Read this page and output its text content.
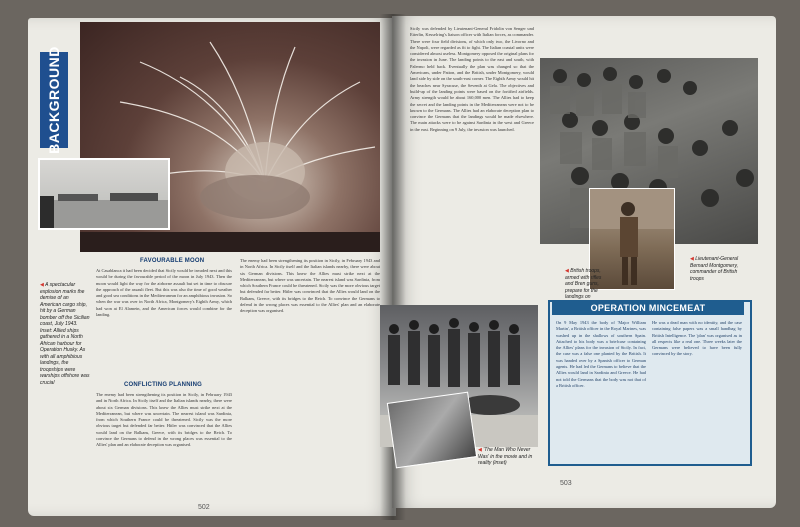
BACKGROUND
◀ A spectacular explosion marks the demise of an American cargo ship, hit by a German bomber off the Sicilian coast, July 1943. Inset: Allied ships gathered in a North African harbour for Operation Husky. As with all amphibious landings, the troopships were warships offshore was crucial
FAVOURABLE MOON
At Casablanca it had been decided that Sicily would be invaded next and this would be during the favourable period of the moon in July 1943. Then the moon would light the way for the airborne assault but set in time to obscure the approach of the assault fleet. But this was also the time of good weather and good sea conditions in the Mediterranean for an amphibious invasion. So when the war was over in North Africa, Montgomery's Eighth Army, which had won at El Alamein, and the American forces would combine for the landing.
CONFLICTING PLANNING
The enemy had been strengthening its position in Sicily, in February 1943 and in North Africa. In Sicily itself and the Italian islands nearby, there were about six German divisions. This knew the Allies must strike next at the Mediterranean, but where was uncertain. The nearest island was Sardinia, from which Southern France could be threatened. Sicily was the more obvious target but defended far better. Hitler was convinced that the Allies would land on the Balkans, Greece, with its bridges to the Reich. To convince the Germans to defend in the wrong places was essential to the Allies' plan and an elaborate deception was organised.
The enemy had been strengthening its position in Sicily, in February 1943 and in North Africa. In Sicily itself and the Italian islands nearby, there were about six German divisions. This knew the Allies must strike next at the Mediterranean, but where was uncertain. The nearest island was Sardinia, from which Southern France could be threatened. Sicily was the more obvious target but defended far better. Hitler was convinced that the Allies would land on the Balkans, Greece, with its bridges to the Reich. To convince the Germans to defend in the wrong places was essential to the Allies' plan and an elaborate deception was organised.
502
Sicily was defended by Lieutenant-General Fridolin von Senger und Etterlin, Kesselring's liaison officer with Italian forces, as commander. There were four field divisions, of which only two, the Livorno and the Napoli, were regarded as fit to fight. The Italian coastal units were considered almost useless. Montgomery opposed the original plans for the invasion in June. The landing points to the east and south, with Palermo held back. Eventually the plan was changed so that the Americans, under Patton, and the British, under Montgomery, would land side by side on the south-east corner. The Eighth Army would hit the beaches near Syracuse, the Seventh at Gela. The objectives and build-up of the landing points were based on the fortified airfields. Army strength would be about 160,000 men. The Allies had to keep the secret and the landing points in the Mediterranean were not to be known to the Germans. The Allies had an elaborate deception plan to convince the Germans that the landings would be made elsewhere. The main attacks were to be against Sardinia in the west and Greece in the east. Beginning on 9 July, the invasion was launched.
◀ British troops, armed with rifles and Bren guns, prepare for the landings on
◀ Lieutenant-General Bernard Montgomery, commander of British troops
◀ 'The Man Who Never Was' in the movie and in reality (inset)
OPERATION MINCEMEAT
On 9 May 1943 the body of 'Major William Martin', a British officer in the Royal Marines, was washed up in the shallows of southern Spain. Attached to his body was a briefcase containing the Allies' plans for the invasion of Sicily. In fact, the case was a false one planted by the British. It was handed over by a Spanish officer to German agents. He had led the Germans to believe that the Allies would land in Sardinia and Greece. He had not told the Germans that the body was not that of a British officer.
He was a dead man with no identity, and the case containing false papers was a small handbag by British Intelligence. The 'plan' was organised as in all respects like a real one. Three weeks later the Germans were believed to have been fully convinced by the story.
503
